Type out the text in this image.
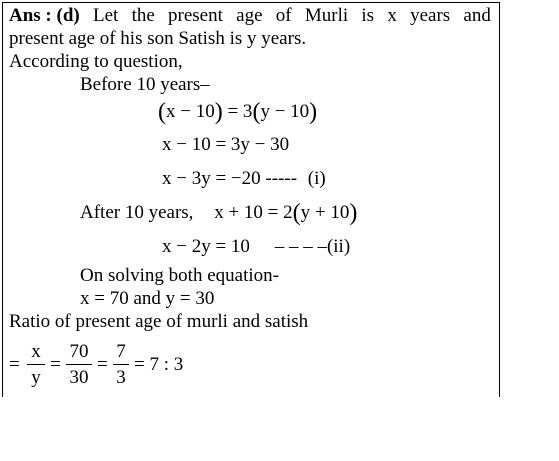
Ans : (d) Let the present age of Murli is x years and
present age of his son Satish is y years.
According to question,
Before 10 years–
(x − 10) = 3(y − 10)
x − 10 = 3y − 30
x − 3y = −20 ----- (i)
After 10 years, x + 10 = 2(y + 10)
x − 2y = 10 – – – –(ii)
On solving both equation-
x = 70 and y = 30
Ratio of present age of murli and satish
=
x
y
=
70
30
=
7
3
= 7 : 3
